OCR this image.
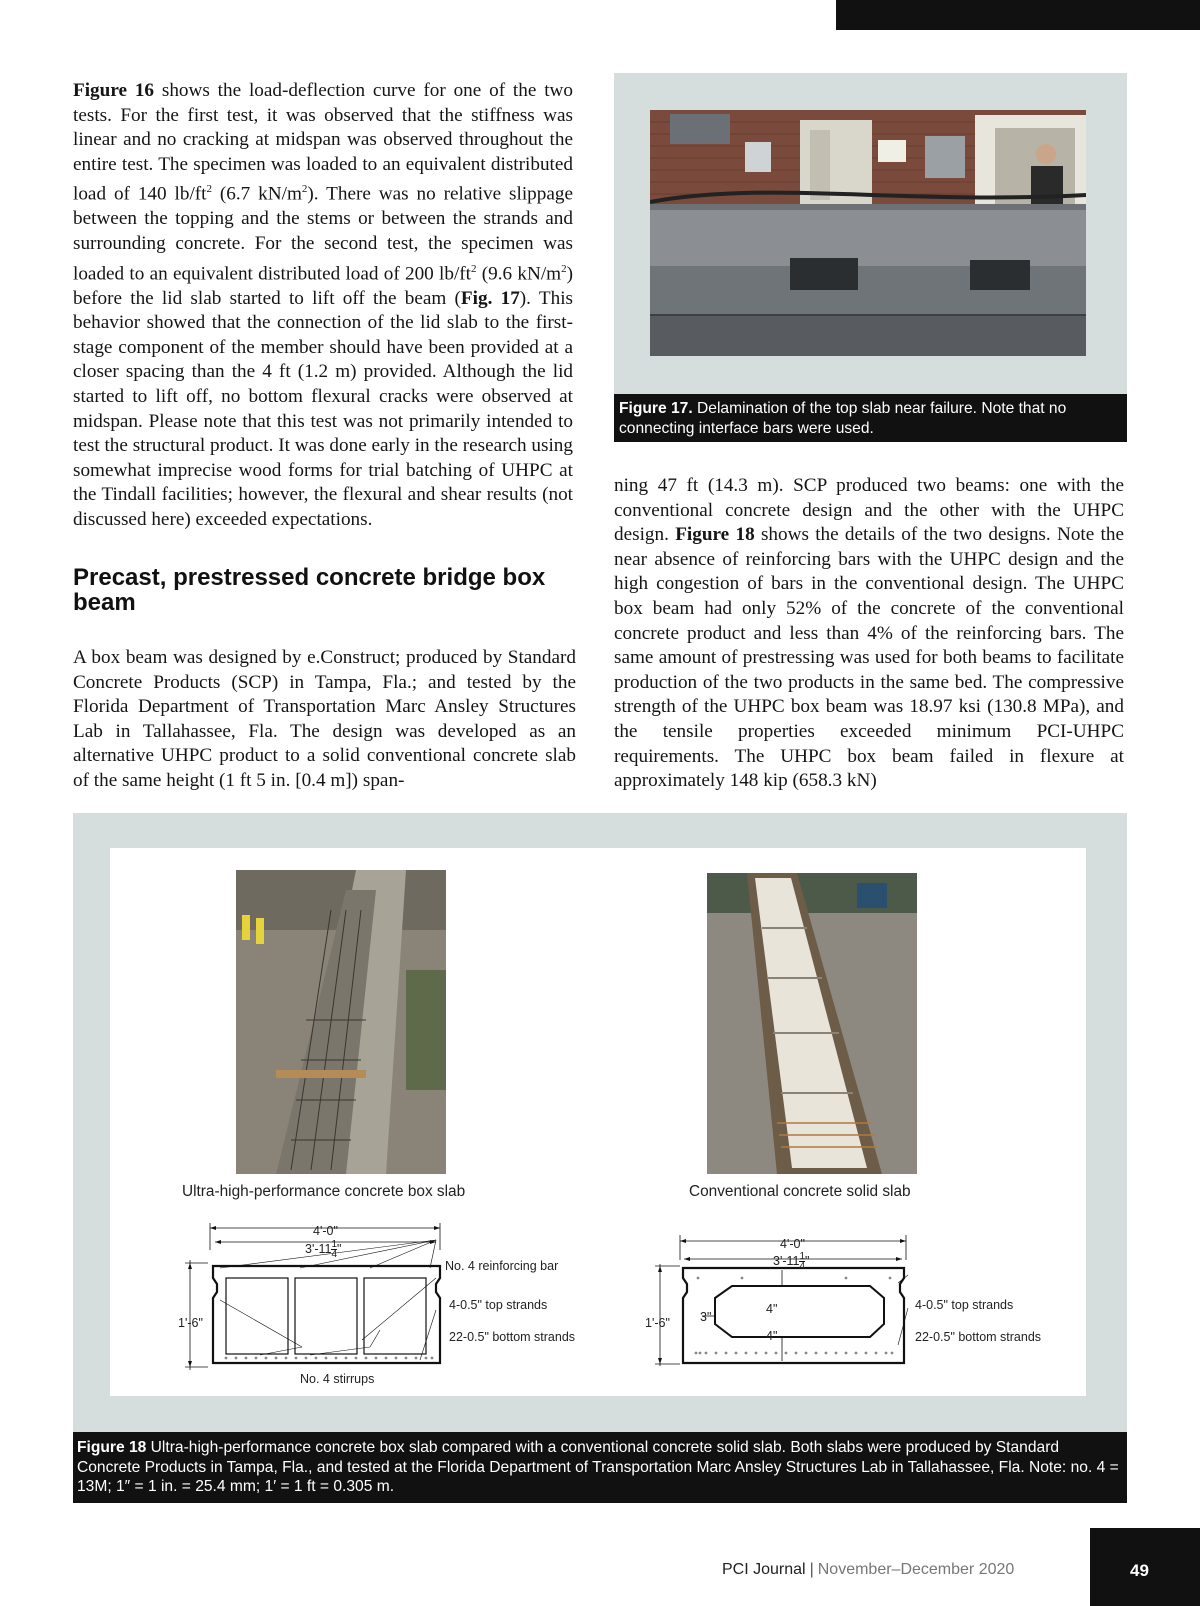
Figure 16 shows the load-deflection curve for one of the two tests. For the first test, it was observed that the stiffness was linear and no cracking at midspan was observed throughout the entire test. The specimen was loaded to an equivalent distributed load of 140 $lb/ft^2$ (6.7 $kN/m^2$). There was no relative slippage between the topping and the stems or between the strands and surrounding concrete. For the second test, the specimen was loaded to an equivalent distributed load of 200 $lb/ft^2$ (9.6 $kN/m^2$) before the lid slab started to lift off the beam (Fig. 17). This behavior showed that the connection of the lid slab to the first-stage component of the member should have been provided at a closer spacing than the 4 ft (1.2 m) provided. Although the lid started to lift off, no bottom flexural cracks were observed at midspan. Please note that this test was not primarily intended to test the structural product. It was done early in the research using somewhat imprecise wood forms for trial batching of UHPC at the Tindall facilities; however, the flexural and shear results (not discussed here) exceeded expectations.

Precast, prestressed concrete bridge box beam

A box beam was designed by e.Construct; produced by Standard Concrete Products (SCP) in Tampa, Fla.; and tested by the Florida Department of Transportation Marc Ansley Structures Lab in Tallahassee, Fla. The design was developed as an alternative UHPC product to a solid conventional concrete slab of the same height (1 ft 5 in. [0.4 m]) span-

Figure 17. Delamination of the top slab near failure. Note that no connecting interface bars were used.

ning 47 ft (14.3 m). SCP produced two beams: one with the conventional concrete design and the other with the UHPC design. Figure 18 shows the details of the two designs. Note the near absence of reinforcing bars with the UHPC design and the high congestion of bars in the conventional design. The UHPC box beam had only 52% of the concrete of the conventional concrete product and less than 4% of the reinforcing bars. The same amount of prestressing was used for both beams to facilitate production of the two products in the same bed. The compressive strength of the UHPC box beam was 18.97 ksi (130.8 MPa), and the tensile properties exceeded minimum PCI-UHPC requirements. The UHPC box beam failed in flexure at approximately 148 kip (658.3 kN)

Ultra-high-performance concrete box slab	Conventional concrete solid slab
4'-0"
$3'-11 \frac{1}{4}$ "
1'-6"
No. 4 reinforcing bar
4-0.5" top strands
22-0.5" bottom strands
No. 4 stirrups
4'-0"
$3'-11 \frac{1}{4}$ "
1'-6" 3"
4"
4"
4-0.5" top strands
22-0.5" bottom strands
Figure 18 Ultra-high-performance concrete box slab compared with a conventional concrete solid slab. Both slabs were produced by Standard Concrete Products in Tampa, Fla., and tested at the Florida Department of Transportation Marc Ansley Structures Lab in Tallahassee, Fla. Note: no. 4 = 13M; 1″ = 1 in. = 25.4 mm; 1′ = 1 ft = 0.305 m.
PCI Journal | November–December 2020	49
